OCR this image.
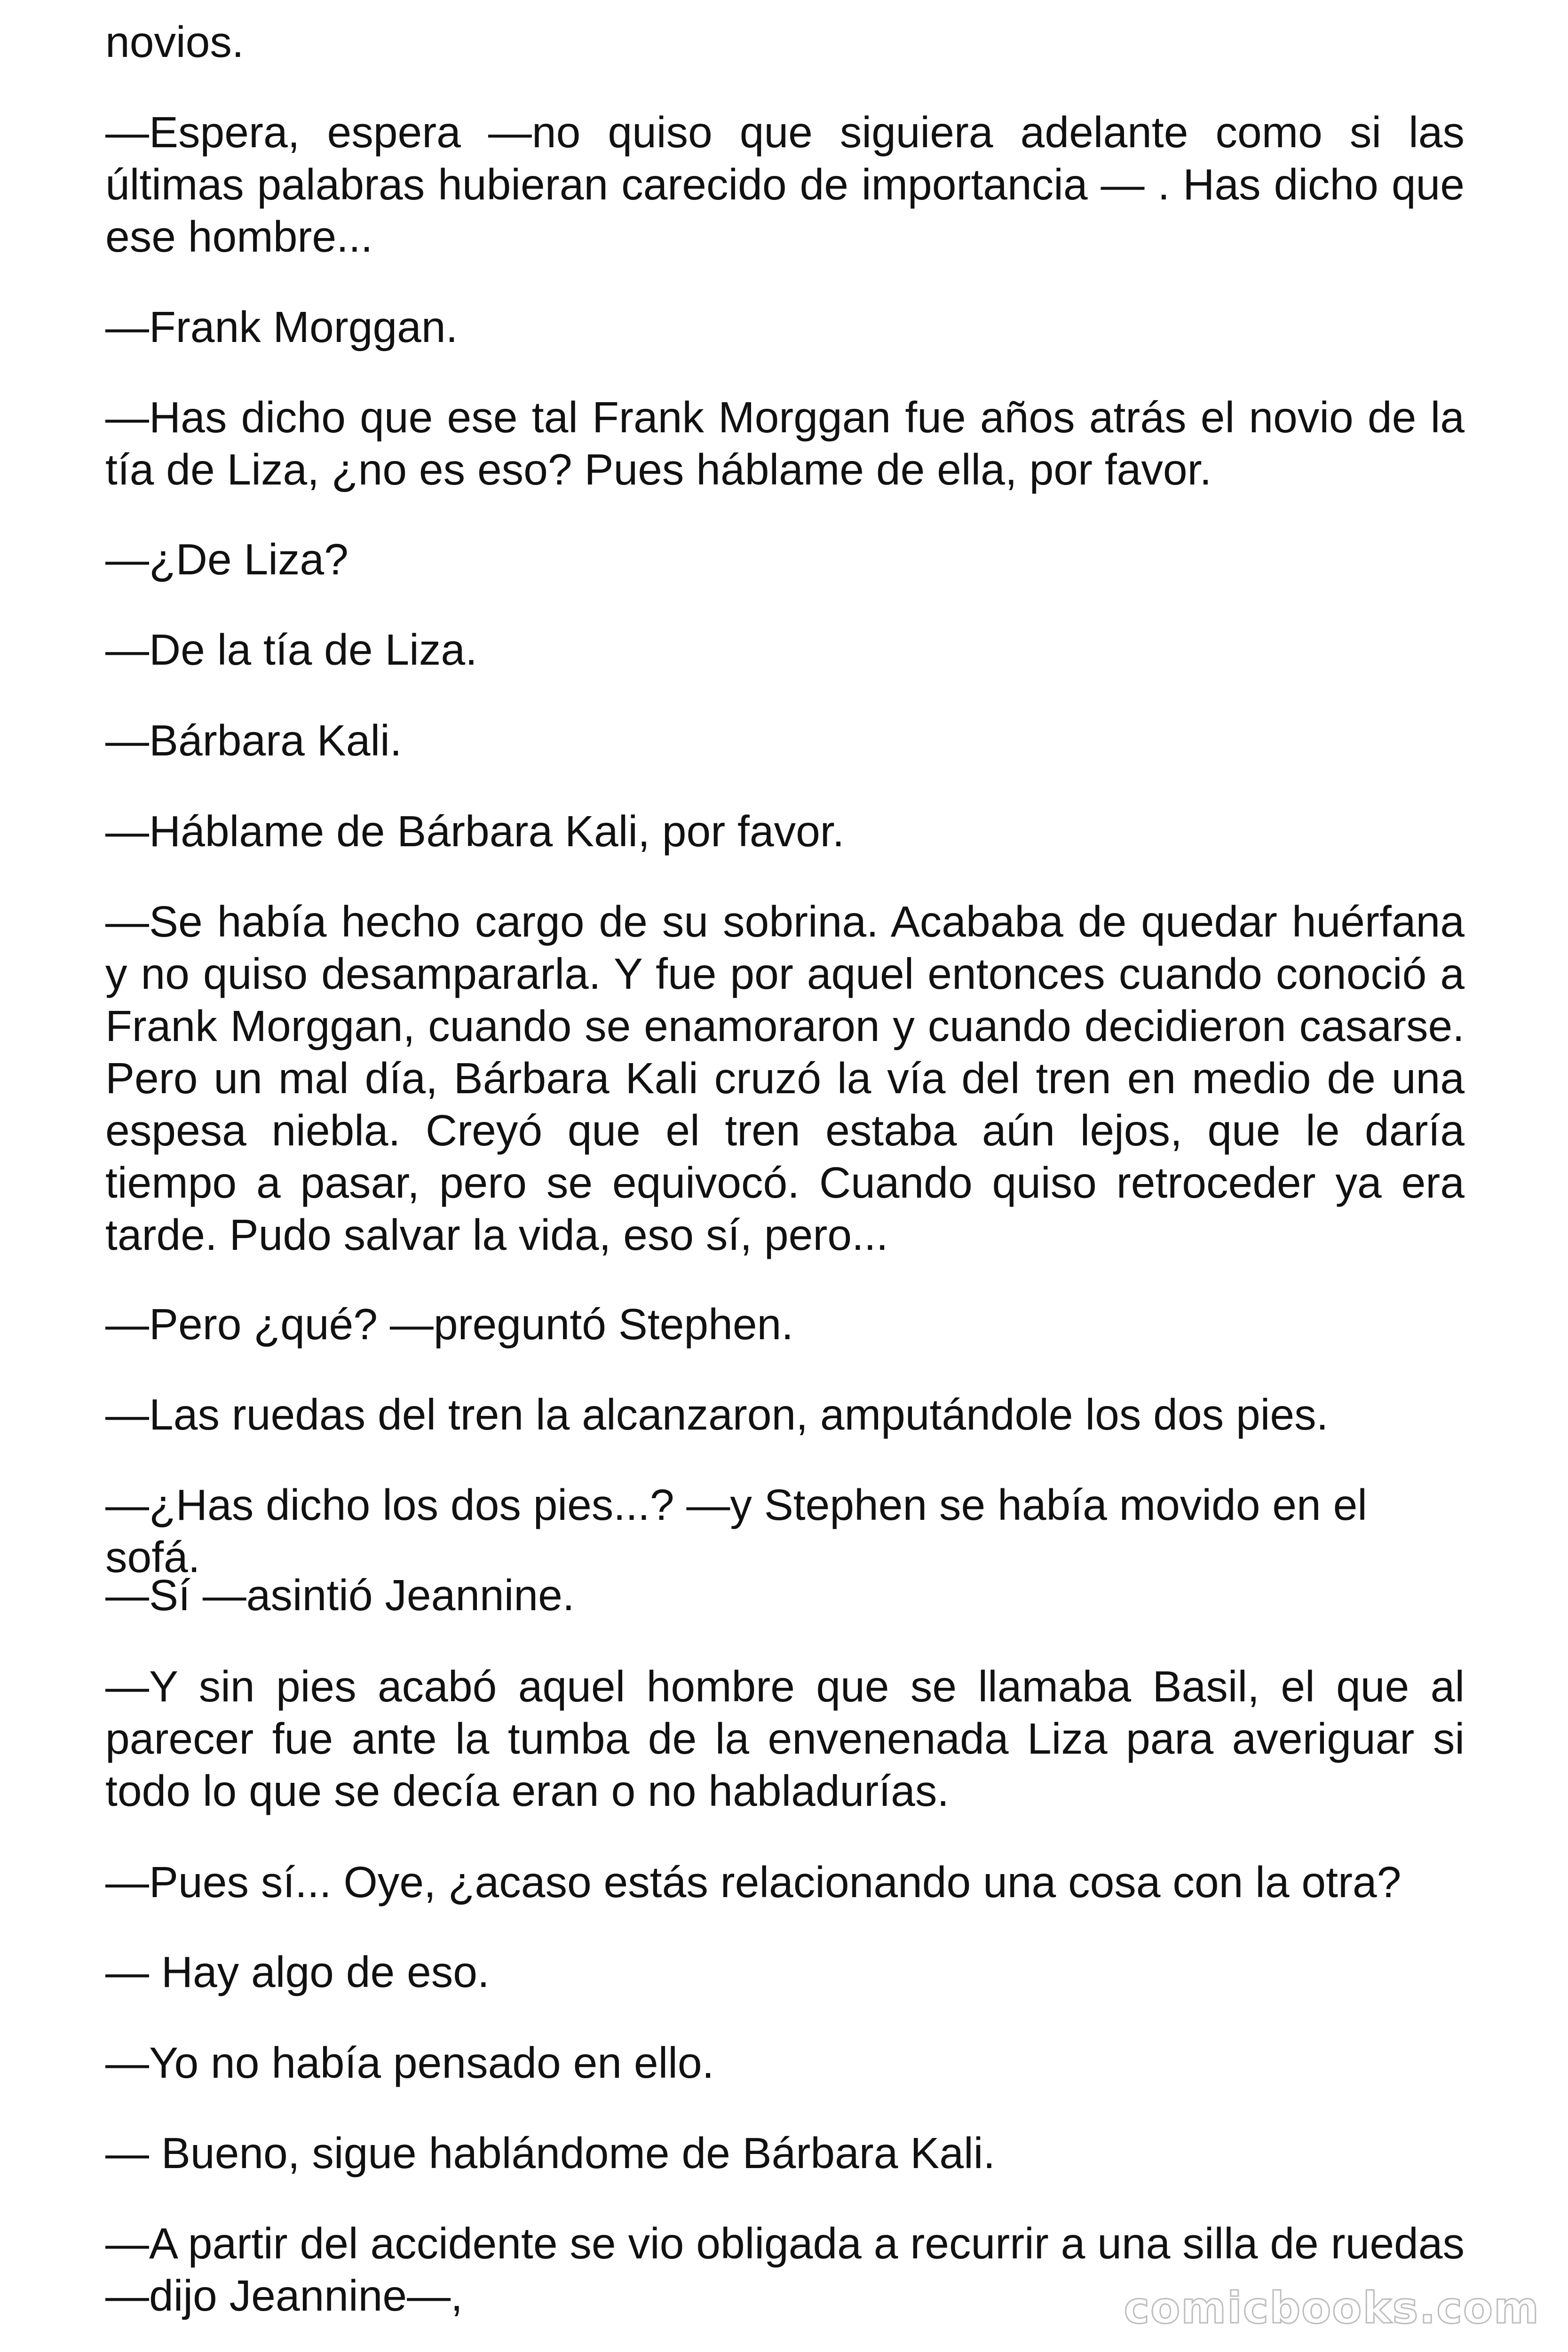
novios.

—Espera, espera —no quiso que siguiera adelante como si las últimas palabras hubieran carecido de importancia — . Has dicho que ese hombre...

—Frank Morggan.

—Has dicho que ese tal Frank Morggan fue años atrás el novio de la tía de Liza, ¿no es eso? Pues háblame de ella, por favor.

—¿De Liza?

—De la tía de Liza.

—Bárbara Kali.

—Háblame de Bárbara Kali, por favor.

—Se había hecho cargo de su sobrina. Acababa de quedar huérfana y no quiso desampararla. Y fue por aquel entonces cuando conoció a Frank Morggan, cuando se enamoraron y cuando decidieron casarse. Pero un mal día, Bárbara Kali cruzó la vía del tren en medio de una espesa niebla. Creyó que el tren estaba aún lejos, que le daría tiempo a pasar, pero se equivocó. Cuando quiso retroceder ya era tarde. Pudo salvar la vida, eso sí, pero...

—Pero ¿qué? —preguntó Stephen.

—Las ruedas del tren la alcanzaron, amputándole los dos pies.

—¿Has dicho los dos pies...? —y Stephen se había movido en el sofá.

—Sí —asintió Jeannine.

—Y sin pies acabó aquel hombre que se llamaba Basil, el que al parecer fue ante la tumba de la envenenada Liza para averiguar si todo lo que se decía eran o no habladurías.

—Pues sí... Oye, ¿acaso estás relacionando una cosa con la otra?

— Hay algo de eso.

—Yo no había pensado en ello.

— Bueno, sigue hablándome de Bárbara Kali.

—A partir del accidente se vio obligada a recurrir a una silla de ruedas —dijo Jeannine—,	comicbooks.com
